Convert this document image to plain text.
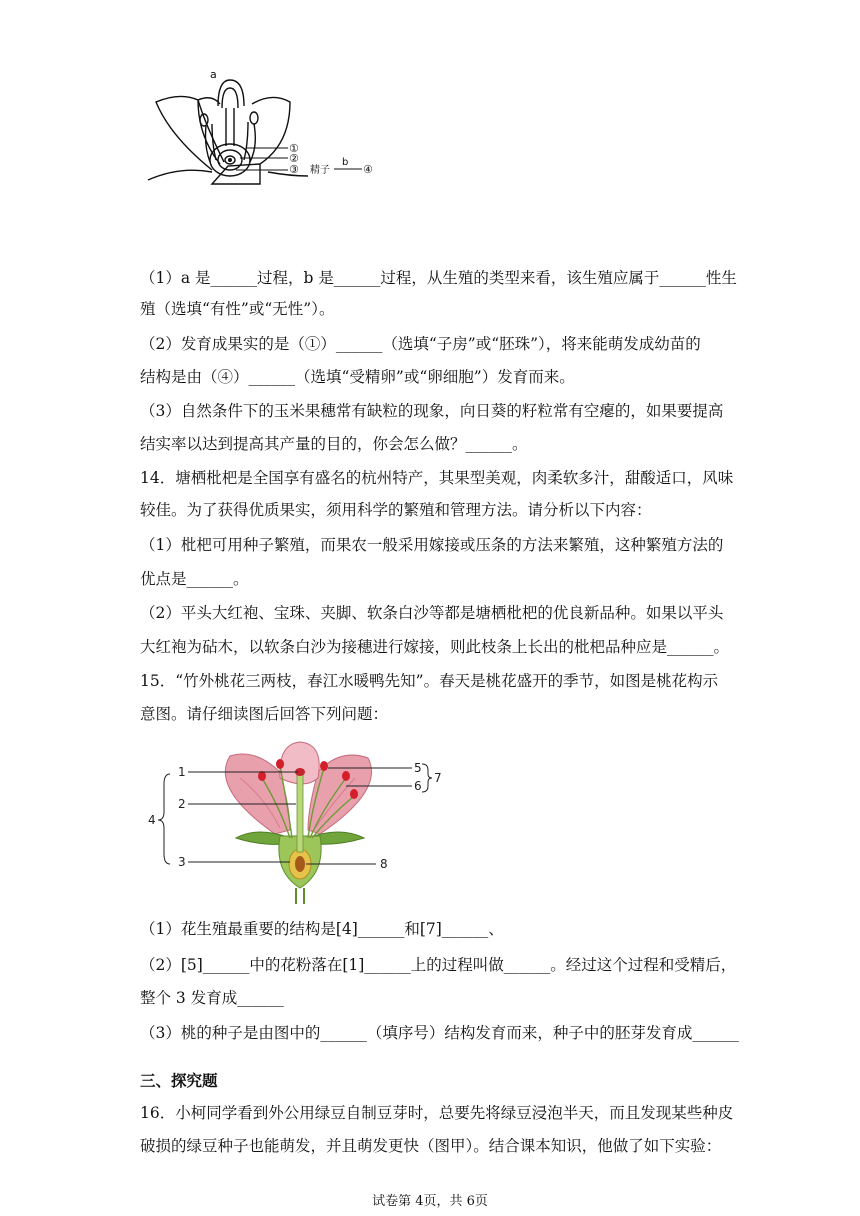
a
①
②
③ 精子
b
④
（1）a 是______过程，b 是______过程，从生殖的类型来看，该生殖应属于______性生
殖（选填“有性”或“无性”）。
（2）发育成果实的是（①）______（选填“子房”或“胚珠”），将来能萌发成幼苗的
结构是由（④）______（选填“受精卵”或“卵细胞”）发育而来。
（3）自然条件下的玉米果穗常有缺粒的现象，向日葵的籽粒常有空瘪的，如果要提高
结实率以达到提高其产量的目的，你会怎么做？______。
14．塘栖枇杷是全国享有盛名的杭州特产，其果型美观，肉柔软多汁，甜酸适口，风味
较佳。为了获得优质果实，须用科学的繁殖和管理方法。请分析以下内容：
（1）枇杷可用种子繁殖，而果农一般采用嫁接或压条的方法来繁殖，这种繁殖方法的
优点是______。
（2）平头大红袍、宝珠、夹脚、软条白沙等都是塘栖枇杷的优良新品种。如果以平头
大红袍为砧木，以软条白沙为接穗进行嫁接，则此枝条上长出的枇杷品种应是______。
15．“竹外桃花三两枝，春江水暖鸭先知”。春天是桃花盛开的季节，如图是桃花构示
意图。请仔细读图后回答下列问题：
1
2
3
4
5
6
7
8
（1）花生殖最重要的结构是[4]______和[7]______、
（2）[5]______中的花粉落在[1]______上的过程叫做______。经过这个过程和受精后，
整个 3 发育成______
（3）桃的种子是由图中的______（填序号）结构发育而来，种子中的胚芽发育成______
三、探究题
16．小柯同学看到外公用绿豆自制豆芽时，总要先将绿豆浸泡半天，而且发现某些种皮
破损的绿豆种子也能萌发，并且萌发更快（图甲）。结合课本知识，他做了如下实验：
试卷第 4页，共 6页
